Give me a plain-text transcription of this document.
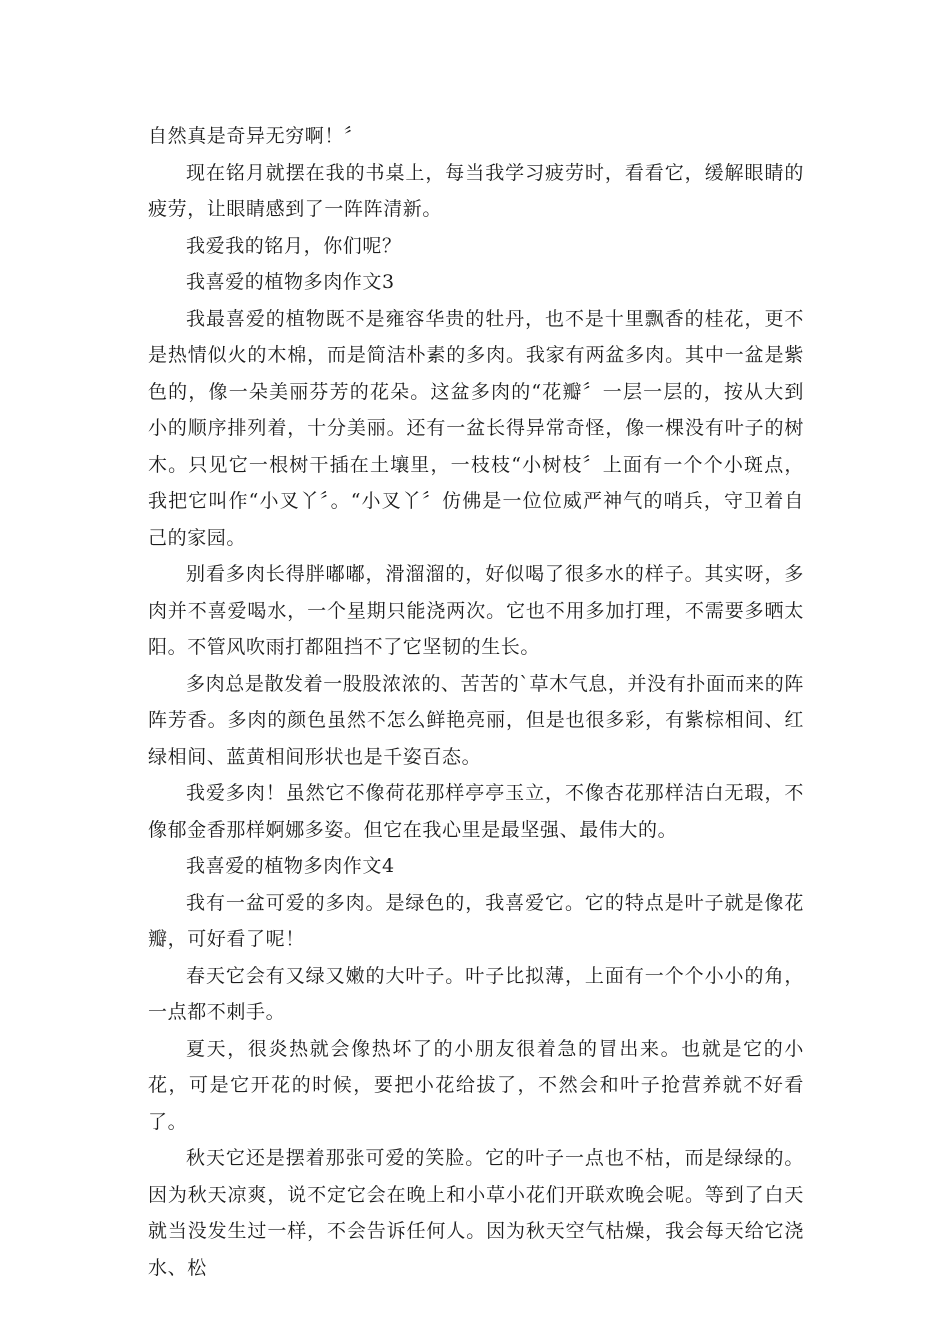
自然真是奇异无穷啊！〞

现在铭月就摆在我的书桌上，每当我学习疲劳时，看看它，缓解眼睛的疲劳，让眼睛感到了一阵阵清新。

我爱我的铭月，你们呢？

我喜爱的植物多肉作文3

我最喜爱的植物既不是雍容华贵的牡丹，也不是十里飘香的桂花，更不是热情似火的木棉，而是简洁朴素的多肉。我家有两盆多肉。其中一盆是紫色的，像一朵美丽芬芳的花朵。这盆多肉的“花瓣〞一层一层的，按从大到小的顺序排列着，十分美丽。还有一盆长得异常奇怪，像一棵没有叶子的树木。只见它一根树干插在土壤里，一枝枝“小树枝〞上面有一个个小斑点，我把它叫作“小叉丫〞。“小叉丫〞仿佛是一位位威严神气的哨兵，守卫着自己的家园。

别看多肉长得胖嘟嘟，滑溜溜的，好似喝了很多水的样子。其实呀，多肉并不喜爱喝水，一个星期只能浇两次。它也不用多加打理，不需要多晒太阳。不管风吹雨打都阻挡不了它坚韧的生长。

多肉总是散发着一股股浓浓的、苦苦的`草木气息，并没有扑面而来的阵阵芳香。多肉的颜色虽然不怎么鲜艳亮丽，但是也很多彩，有紫棕相间、红绿相间、蓝黄相间形状也是千姿百态。

我爱多肉！虽然它不像荷花那样亭亭玉立，不像杏花那样洁白无瑕，不像郁金香那样婀娜多姿。但它在我心里是最坚强、最伟大的。

我喜爱的植物多肉作文4

我有一盆可爱的多肉。是绿色的，我喜爱它。它的特点是叶子就是像花瓣，可好看了呢！

春天它会有又绿又嫩的大叶子。叶子比拟薄，上面有一个个小小的角，一点都不刺手。

夏天，很炎热就会像热坏了的小朋友很着急的冒出来。也就是它的小花，可是它开花的时候，要把小花给拔了，不然会和叶子抢营养就不好看了。

秋天它还是摆着那张可爱的笑脸。它的叶子一点也不枯，而是绿绿的。因为秋天凉爽，说不定它会在晚上和小草小花们开联欢晚会呢。等到了白天就当没发生过一样，不会告诉任何人。因为秋天空气枯燥，我会每天给它浇水、松
